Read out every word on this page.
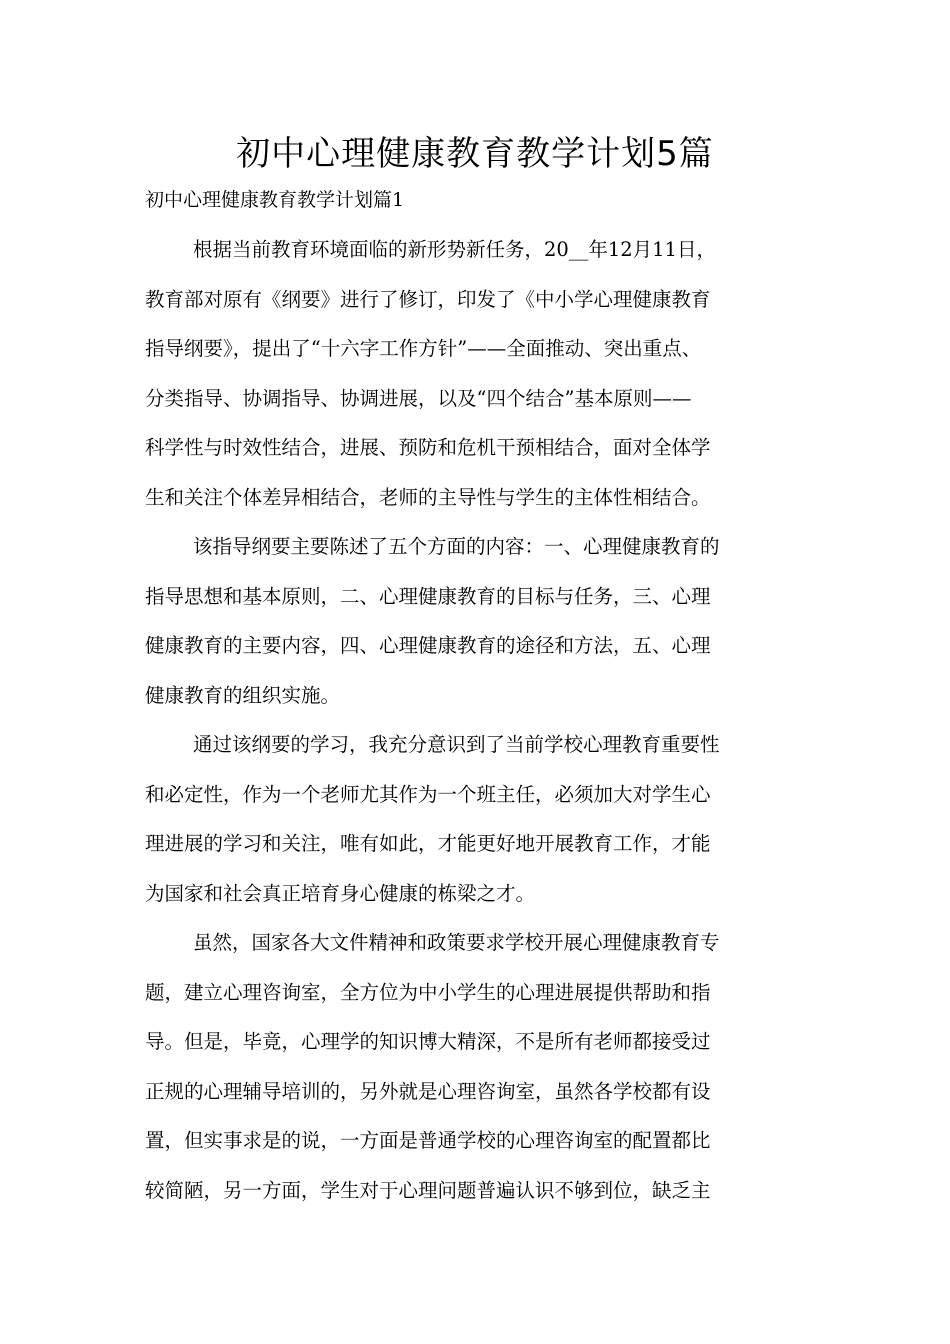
初中心理健康教育教学计划5篇

初中心理健康教育教学计划篇1

根据当前教育环境面临的新形势新任务，20__年12月11日，
教育部对原有《纲要》进行了修订，印发了《中小学心理健康教育
指导纲要》，提出了“十六字工作方针”——全面推动、突出重点、
分类指导、协调指导、协调进展，以及“四个结合”基本原则——
科学性与时效性结合，进展、预防和危机干预相结合，面对全体学
生和关注个体差异相结合，老师的主导性与学生的主体性相结合。
该指导纲要主要陈述了五个方面的内容：一、心理健康教育的
指导思想和基本原则，二、心理健康教育的目标与任务，三、心理
健康教育的主要内容，四、心理健康教育的途径和方法，五、心理
健康教育的组织实施。
通过该纲要的学习，我充分意识到了当前学校心理教育重要性
和必定性，作为一个老师尤其作为一个班主任，必须加大对学生心
理进展的学习和关注，唯有如此，才能更好地开展教育工作，才能
为国家和社会真正培育身心健康的栋梁之才。
虽然，国家各大文件精神和政策要求学校开展心理健康教育专
题，建立心理咨询室，全方位为中小学生的心理进展提供帮助和指
导。但是，毕竟，心理学的知识博大精深，不是所有老师都接受过
正规的心理辅导培训的，另外就是心理咨询室，虽然各学校都有设
置，但实事求是的说，一方面是普通学校的心理咨询室的配置都比
较简陋，另一方面，学生对于心理问题普遍认识不够到位，缺乏主
